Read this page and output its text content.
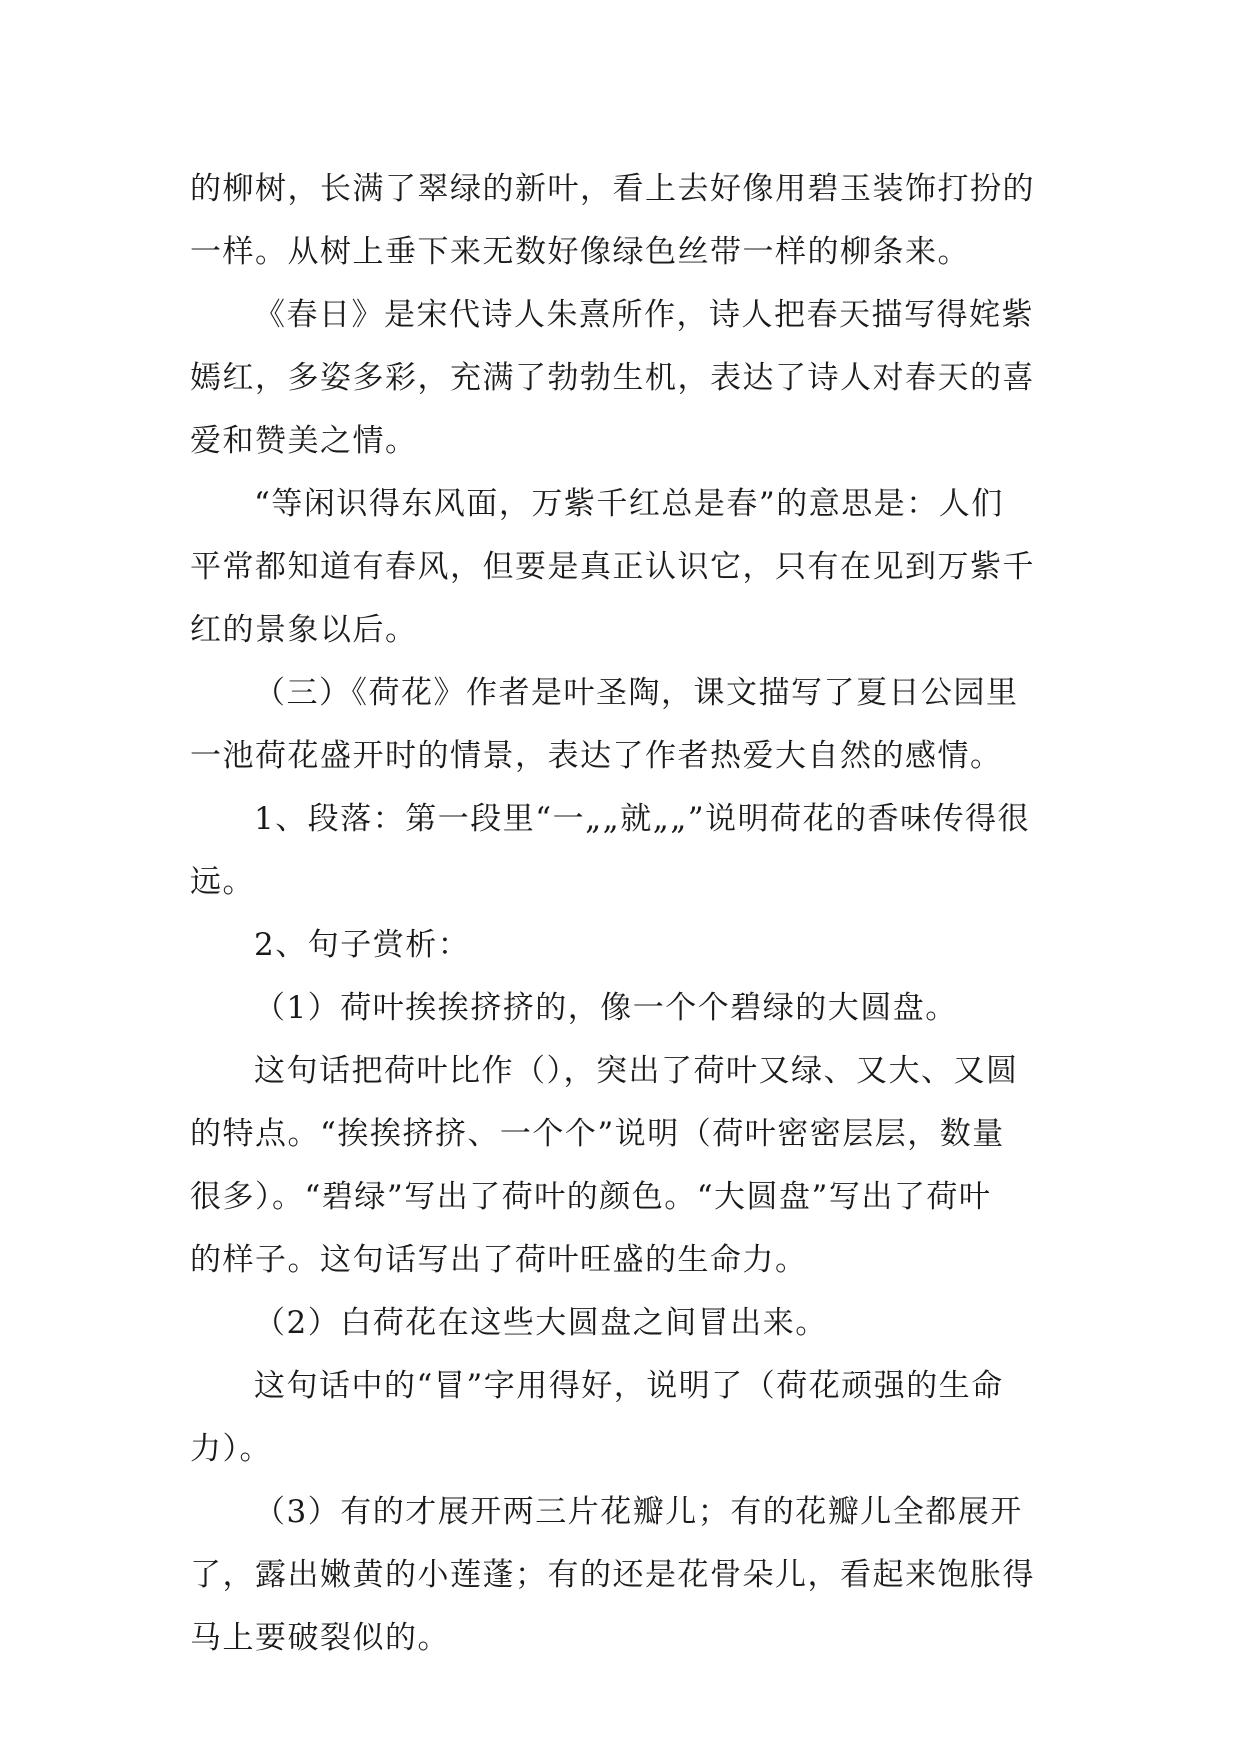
的柳树，长满了翠绿的新叶，看上去好像用碧玉装饰打扮的
一样。从树上垂下来无数好像绿色丝带一样的柳条来。
《春日》是宋代诗人朱熹所作，诗人把春天描写得姹紫
嫣红，多姿多彩，充满了勃勃生机，表达了诗人对春天的喜
爱和赞美之情。
“等闲识得东风面，万紫千红总是春”的意思是：人们
平常都知道有春风，但要是真正认识它，只有在见到万紫千
红的景象以后。
（三）《荷花》作者是叶圣陶，课文描写了夏日公园里
一池荷花盛开时的情景，表达了作者热爱大自然的感情。
1、段落：第一段里“一„„就„„”说明荷花的香味传得很
远。
2、句子赏析：
（1）荷叶挨挨挤挤的，像一个个碧绿的大圆盘。
这句话把荷叶比作（），突出了荷叶又绿、又大、又圆
的特点。“挨挨挤挤、一个个”说明（荷叶密密层层，数量
很多）。“碧绿”写出了荷叶的颜色。“大圆盘”写出了荷叶
的样子。这句话写出了荷叶旺盛的生命力。
（2）白荷花在这些大圆盘之间冒出来。
这句话中的“冒”字用得好，说明了（荷花顽强的生命
力）。
（3）有的才展开两三片花瓣儿；有的花瓣儿全都展开
了，露出嫩黄的小莲蓬；有的还是花骨朵儿，看起来饱胀得
马上要破裂似的。
